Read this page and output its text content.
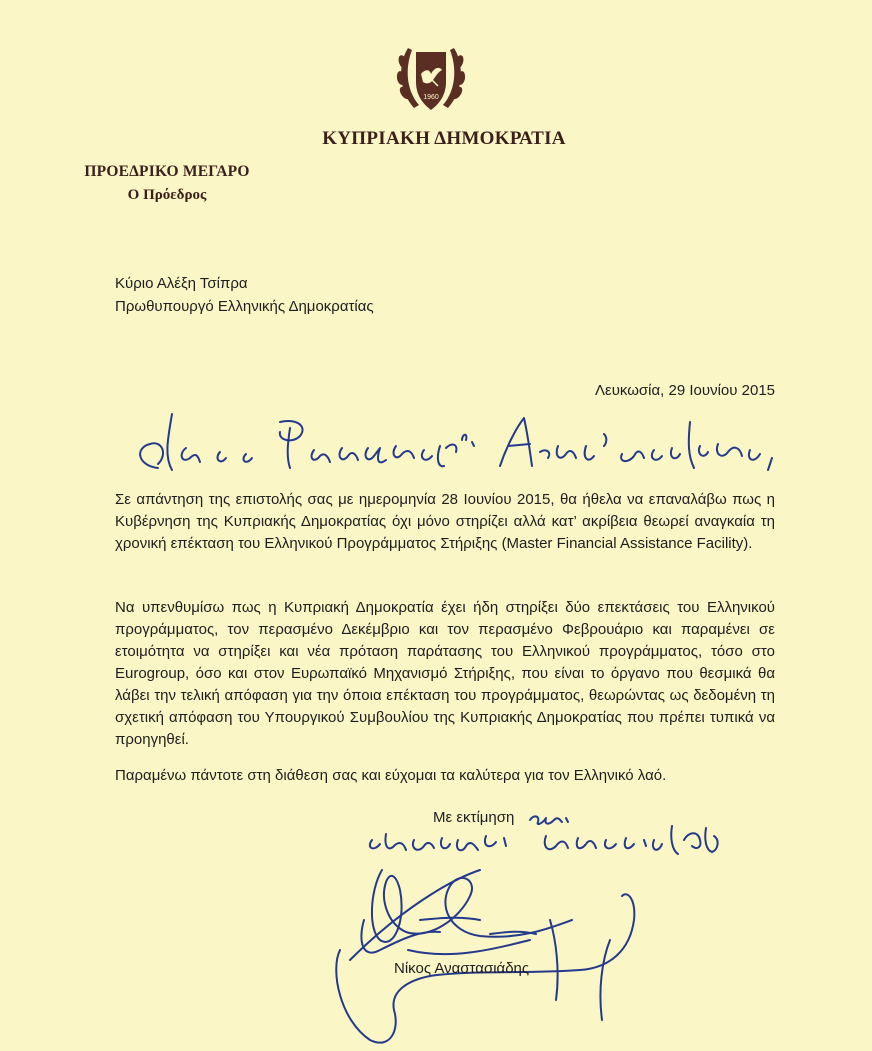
1960
ΚΥΠΡΙΑΚΗ ΔΗΜΟΚΡΑΤΙΑ
ΠΡΟΕΔΡΙΚΟ ΜΕΓΑΡΟ
Ο Πρόεδρος
Κύριο Αλέξη Τσίπρα
Πρωθυπουργό Ελληνικής Δημοκρατίας
Λευκωσία, 29 Ιουνίου 2015

Σε απάντηση της επιστολής σας με ημερομηνία 28 Ιουνίου 2015, θα ήθελα να επαναλάβω πως η Κυβέρνηση της Κυπριακής Δημοκρατίας όχι μόνο στηρίζει αλλά κατ’ ακρίβεια θεωρεί αναγκαία τη χρονική επέκταση του Ελληνικού Προγράμματος Στήριξης (Master Financial Assistance Facility).

Να υπενθυμίσω πως η Κυπριακή Δημοκρατία έχει ήδη στηρίξει δύο επεκτάσεις του Ελληνικού προγράμματος, τον περασμένο Δεκέμβριο και τον περασμένο Φεβρουάριο και παραμένει σε ετοιμότητα να στηρίξει και νέα πρόταση παράτασης του Ελληνικού προγράμματος, τόσο στο Eurogroup, όσο και στον Ευρωπαϊκό Μηχανισμό Στήριξης, που είναι το όργανο που θεσμικά θα λάβει την τελική απόφαση για την όποια επέκταση του προγράμματος, θεωρώντας ως δεδομένη τη σχετική απόφαση του Υπουργικού Συμβουλίου της Κυπριακής Δημοκρατίας που πρέπει τυπικά να προηγηθεί.

Παραμένω πάντοτε στη διάθεση σας και εύχομαι τα καλύτερα για τον Ελληνικό λαό.

Με εκτίμηση
Νίκος Αναστασιάδης
